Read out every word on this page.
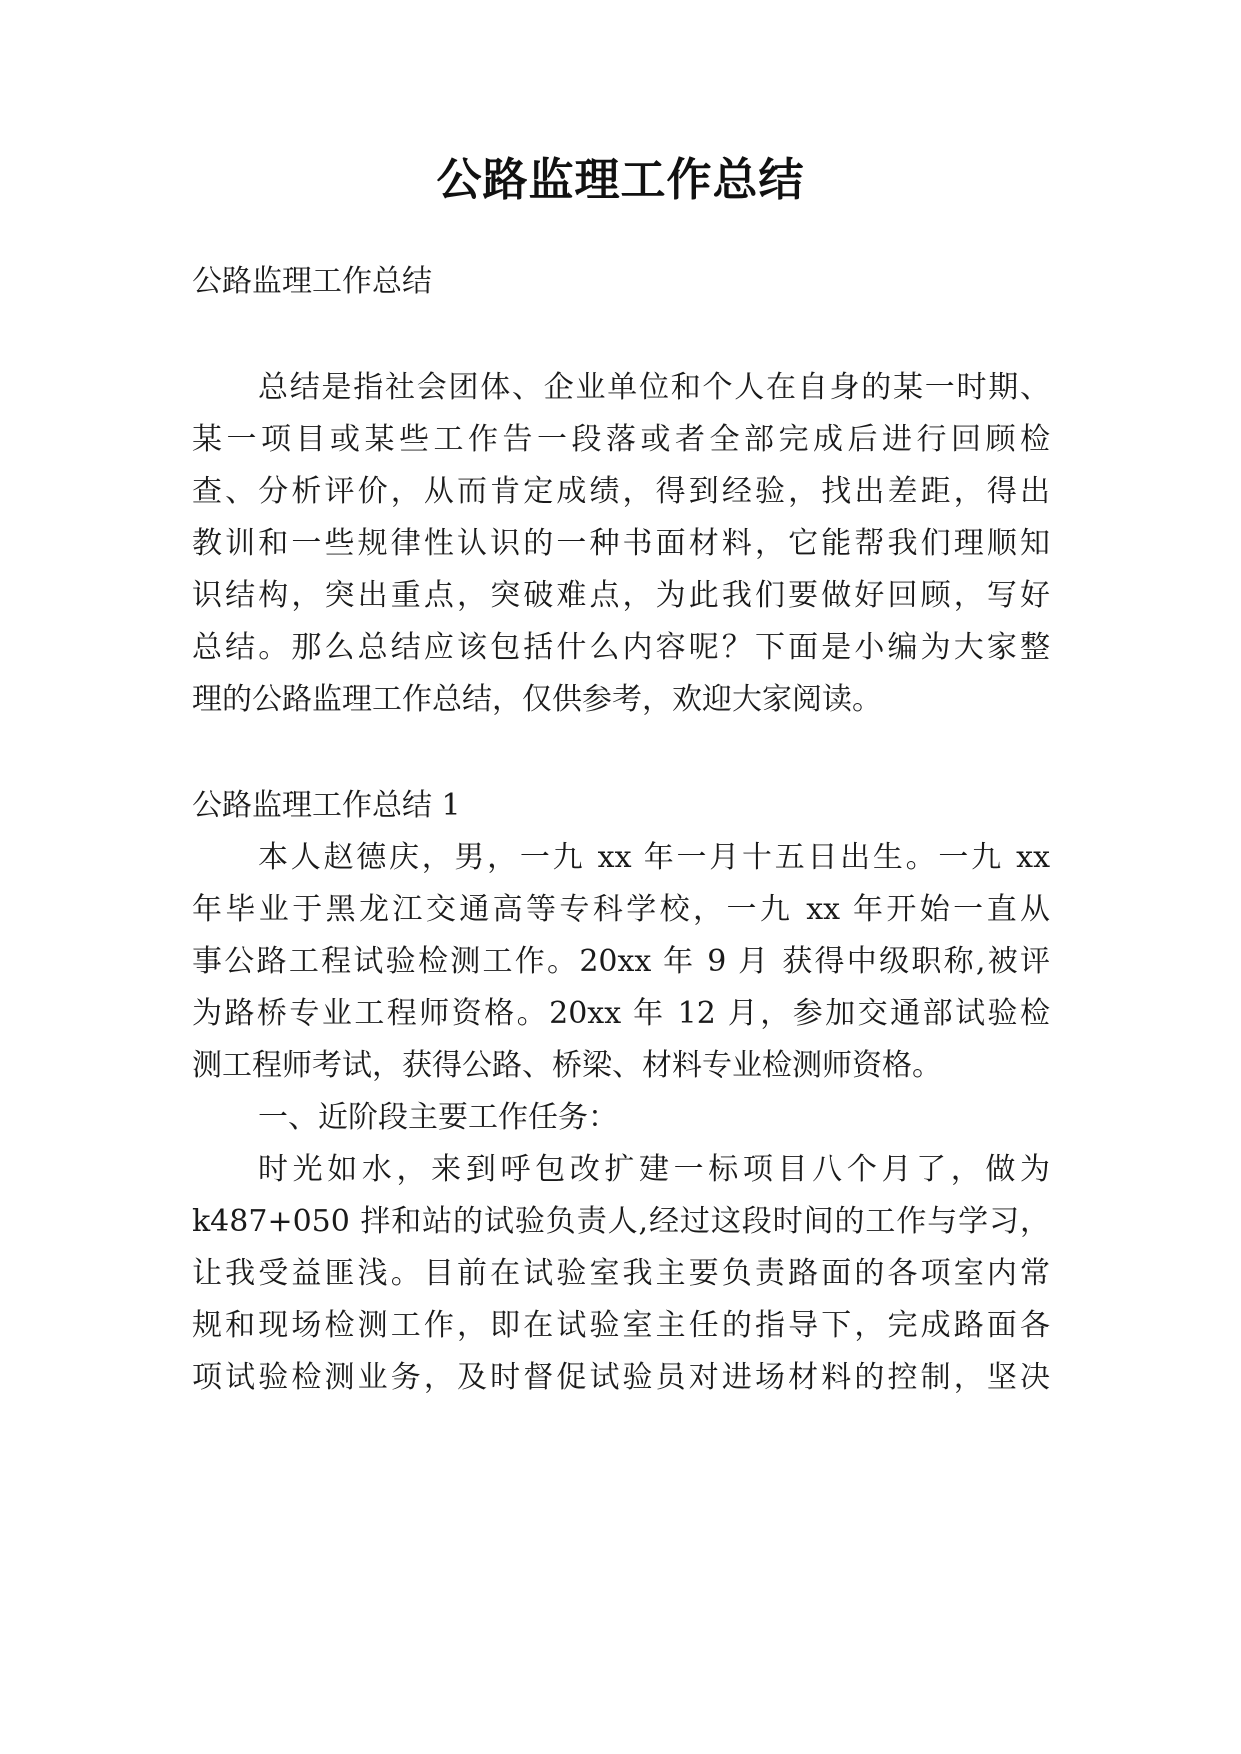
公路监理工作总结
公路监理工作总结
总结是指社会团体、企业单位和个人在自身的某一时期、
某一项目或某些工作告一段落或者全部完成后进行回顾检
查、分析评价，从而肯定成绩，得到经验，找出差距，得出
教训和一些规律性认识的一种书面材料，它能帮我们理顺知
识结构，突出重点，突破难点，为此我们要做好回顾，写好
总结。那么总结应该包括什么内容呢？下面是小编为大家整
理的公路监理工作总结，仅供参考，欢迎大家阅读。
公路监理工作总结 1
本人赵德庆，男，一九 xx 年一月十五日出生。一九 xx
年毕业于黑龙江交通高等专科学校，一九 xx 年开始一直从
事公路工程试验检测工作。20xx 年 9 月 获得中级职称,被评
为路桥专业工程师资格。20xx 年 12 月，参加交通部试验检
测工程师考试，获得公路、桥梁、材料专业检测师资格。
一、近阶段主要工作任务：
时光如水，来到呼包改扩建一标项目八个月了，做为
k487+050 拌和站的试验负责人,经过这段时间的工作与学习，
让我受益匪浅。目前在试验室我主要负责路面的各项室内常
规和现场检测工作，即在试验室主任的指导下，完成路面各
项试验检测业务，及时督促试验员对进场材料的控制，坚决
